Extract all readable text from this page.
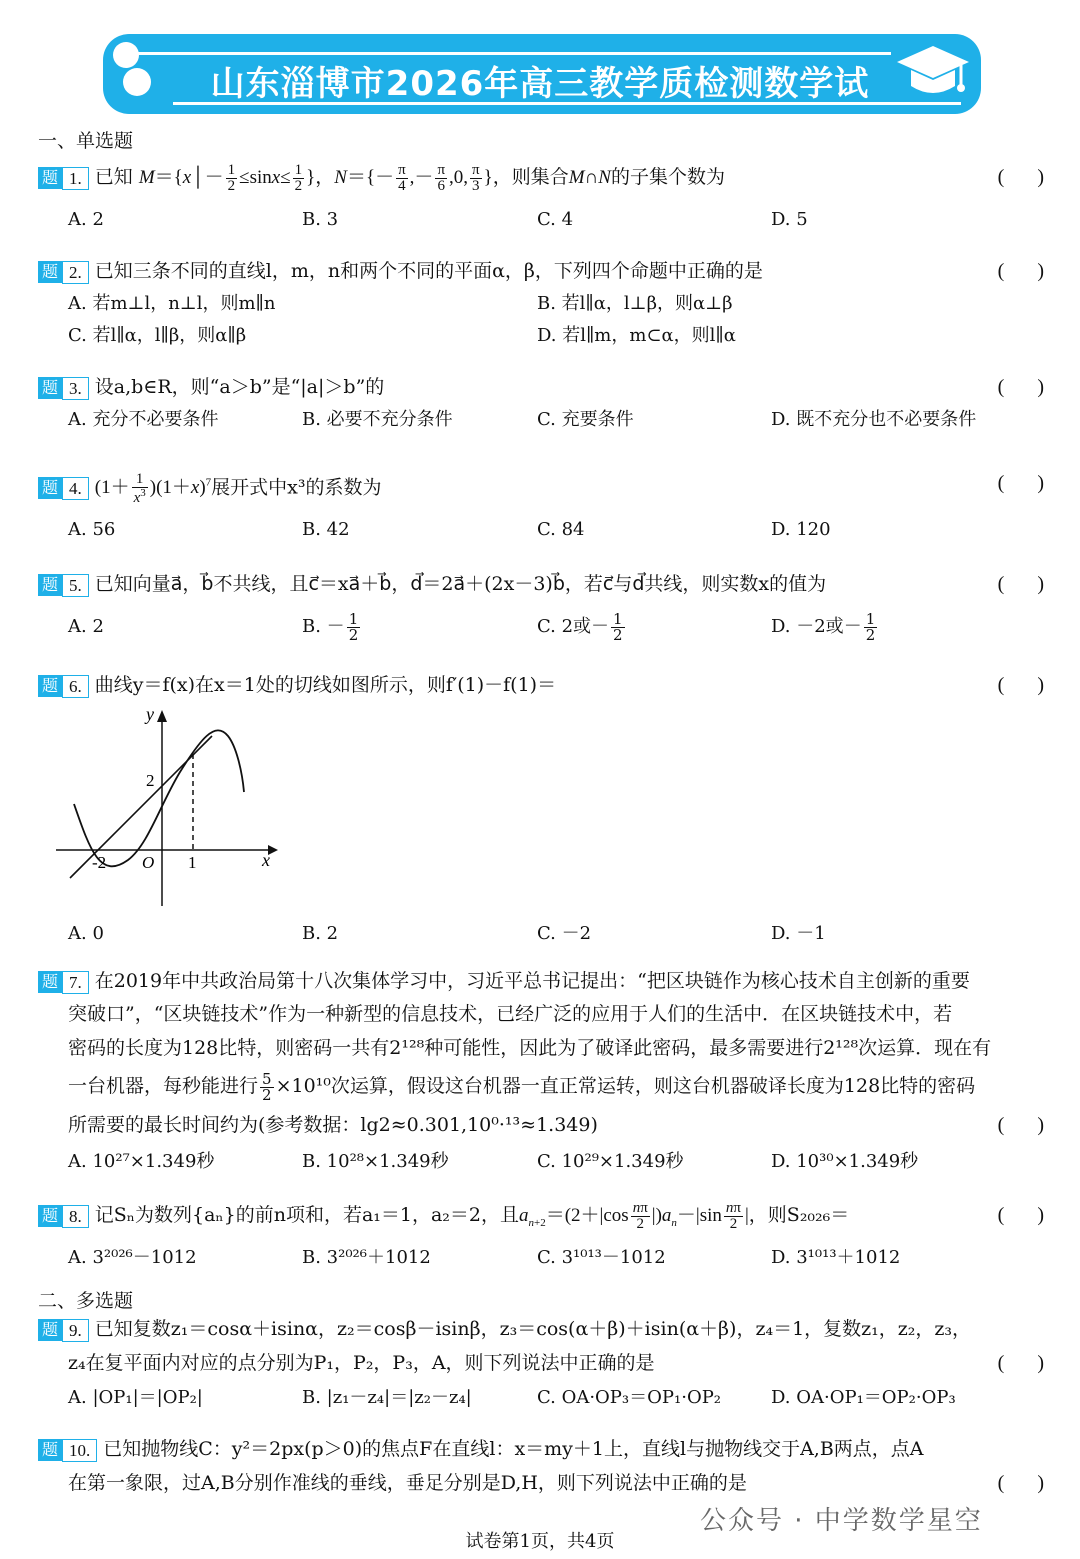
山东淄博市2026年高三教学质检测数学试卷
一、单选题
题 1. 已知 M＝{x│－ $\frac{1}{2} \le\sin x\le \frac{1}{2}$ }，$N=\{- \frac{\pi}{4}$ ,－ $\frac{\pi}{6} ,0$, $\frac{\pi}{3}$ }，则集合M∩N的子集个数为	( )
A. 2	B. 3	C. 4	D. 5
题 2. 已知三条不同的直线l，m，n和两个不同的平面α，β，下列四个命题中正确的是	( )
A. 若m⊥l，n⊥l，则m∥n	B. 若l∥α，l⊥β，则α⊥β
C. 若l∥α，l∥β，则α∥β	D. 若l∥m，m⊂α，则l∥α
题 3. 设a,b∈R，则“a＞b”是“|a|＞b”的	( )
A. 充分不必要条件	B. 必要不充分条件	C. 充要条件	D. 既不充分也不必要条件
题 4. $(1+ \frac{1}{x^3} )(1+x)^7$展开式中x³的系数为	( )
A. 56	B. 42	C. 84	D. 120
题 5. 已知向量a⃗，b⃗不共线，且c⃗＝xa⃗＋b⃗，d⃗＝2a⃗＋(2x－3)b⃗，若c⃗与d⃗共线，则实数x的值为	( )
A. 2	B. － $\frac{1}{2}$	C. 2或－ $\frac{1}{2}$	D. －2或－ $\frac{1}{2}$
题 6. 曲线y＝f(x)在x＝1处的切线如图所示，则f′(1)－f(1)＝	( )
y
x
2
-2 O 1
A. 0	B. 2	C. －2	D. －1
题 7. 在2019年中共政治局第十八次集体学习中，习近平总书记提出：“把区块链作为核心技术自主创新的重要
突破口”，“区块链技术”作为一种新型的信息技术，已经广泛的应用于人们的生活中．在区块链技术中，若
密码的长度为128比特，则密码一共有2¹²⁸种可能性，因此为了破译此密码，最多需要进行2¹²⁸次运算．现在有
一台机器，每秒能进行 $\frac{5}{2} \times 10^{10}$次运算，假设这台机器一直正常运转，则这台机器破译长度为128比特的密码
所需要的最长时间约为(参考数据：lg2≈0.301,10⁰·¹³≈1.349)	( )
A. 10²⁷×1.349秒	B. 10²⁸×1.349秒	C. 10²⁹×1.349秒	D. 10³⁰×1.349秒
题 8. 记Sₙ为数列{aₙ}的前n项和，若a₁＝1，a₂＝2，且$a_{n+2}=(2+|\cos \frac{n\pi}{2} |)a_n-|\sin \frac{n\pi}{2}$ |，则S₂₀₂₆＝	( )
A. 3²⁰²⁶－1012	B. 3²⁰²⁶＋1012	C. 3¹⁰¹³－1012	D. 3¹⁰¹³＋1012
二、多选题
题 9. 已知复数z₁＝cosα＋isinα，z₂＝cosβ－isinβ，z₃＝cos(α＋β)＋isin(α＋β)，z₄＝1，复数z₁，z₂，z₃，
z₄在复平面内对应的点分别为P₁，P₂，P₃，A，则下列说法中正确的是	( )
A. |OP₁|＝|OP₂|	B. |z₁－z₄|＝|z₂－z₄|	C. OA·OP₃＝OP₁·OP₂	D. OA·OP₁＝OP₂·OP₃
题 10. 已知抛物线C：y²＝2px(p＞0)的焦点F在直线l：x＝my＋1上，直线l与抛物线交于A,B两点，点A
在第一象限，过A,B分别作准线的垂线，垂足分别是D,H，则下列说法中正确的是	( )
公众号 · 中学数学星空
试卷第1页，共4页
